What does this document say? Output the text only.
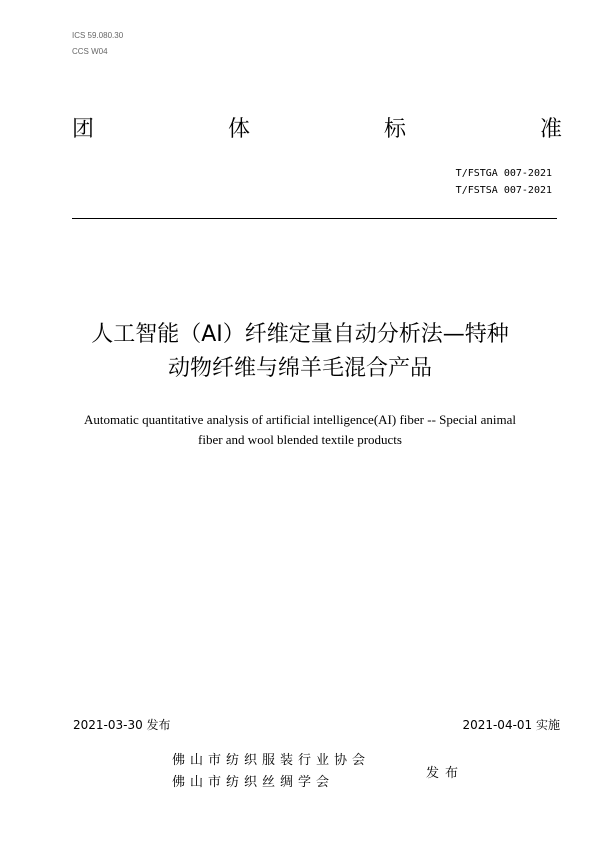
ICS 59.080.30
CCS W04
团	体	标	准
T/FSTGA 007-2021
T/FSTSA 007-2021
人工智能（AI）纤维定量自动分析法—特种
动物纤维与绵羊毛混合产品
Automatic quantitative analysis of artificial intelligence(AI) fiber -- Special animal
fiber and wool blended textile products
2021-03-30 发布	2021-04-01 实施
佛山市纺织服装行业协会
佛山市纺织丝绸学会
发布
